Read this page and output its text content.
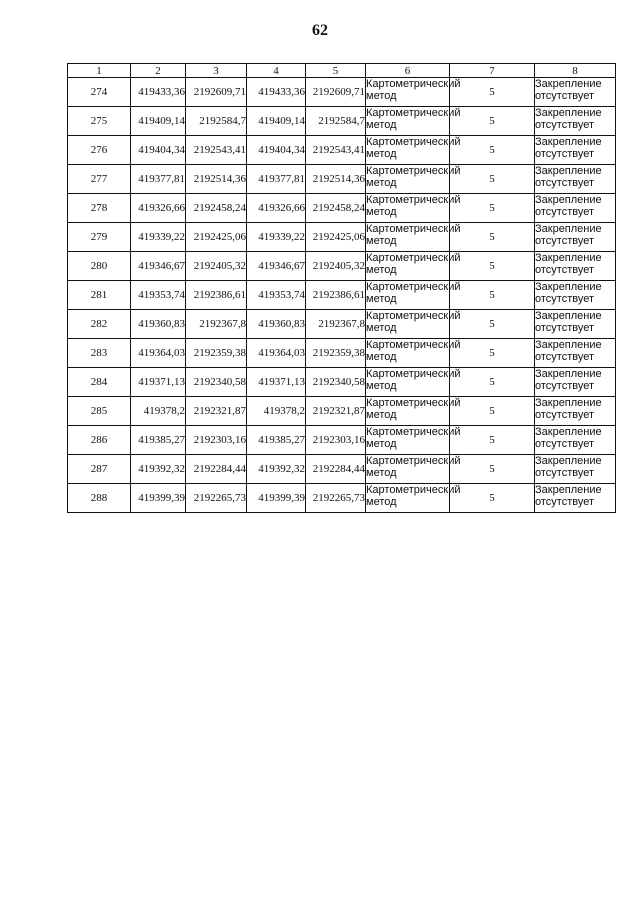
62
1	2	3	4	5	6	7	8
274	419433,36	2192609,71	419433,36	2192609,71	Картометрический метод	5	Закрепление отсутствует
275	419409,14	2192584,7	419409,14	2192584,7	Картометрический метод	5	Закрепление отсутствует
276	419404,34	2192543,41	419404,34	2192543,41	Картометрический метод	5	Закрепление отсутствует
277	419377,81	2192514,36	419377,81	2192514,36	Картометрический метод	5	Закрепление отсутствует
278	419326,66	2192458,24	419326,66	2192458,24	Картометрический метод	5	Закрепление отсутствует
279	419339,22	2192425,06	419339,22	2192425,06	Картометрический метод	5	Закрепление отсутствует
280	419346,67	2192405,32	419346,67	2192405,32	Картометрический метод	5	Закрепление отсутствует
281	419353,74	2192386,61	419353,74	2192386,61	Картометрический метод	5	Закрепление отсутствует
282	419360,83	2192367,8	419360,83	2192367,8	Картометрический метод	5	Закрепление отсутствует
283	419364,03	2192359,38	419364,03	2192359,38	Картометрический метод	5	Закрепление отсутствует
284	419371,13	2192340,58	419371,13	2192340,58	Картометрический метод	5	Закрепление отсутствует
285	419378,2	2192321,87	419378,2	2192321,87	Картометрический метод	5	Закрепление отсутствует
286	419385,27	2192303,16	419385,27	2192303,16	Картометрический метод	5	Закрепление отсутствует
287	419392,32	2192284,44	419392,32	2192284,44	Картометрический метод	5	Закрепление отсутствует
288	419399,39	2192265,73	419399,39	2192265,73	Картометрический метод	5	Закрепление отсутствует
